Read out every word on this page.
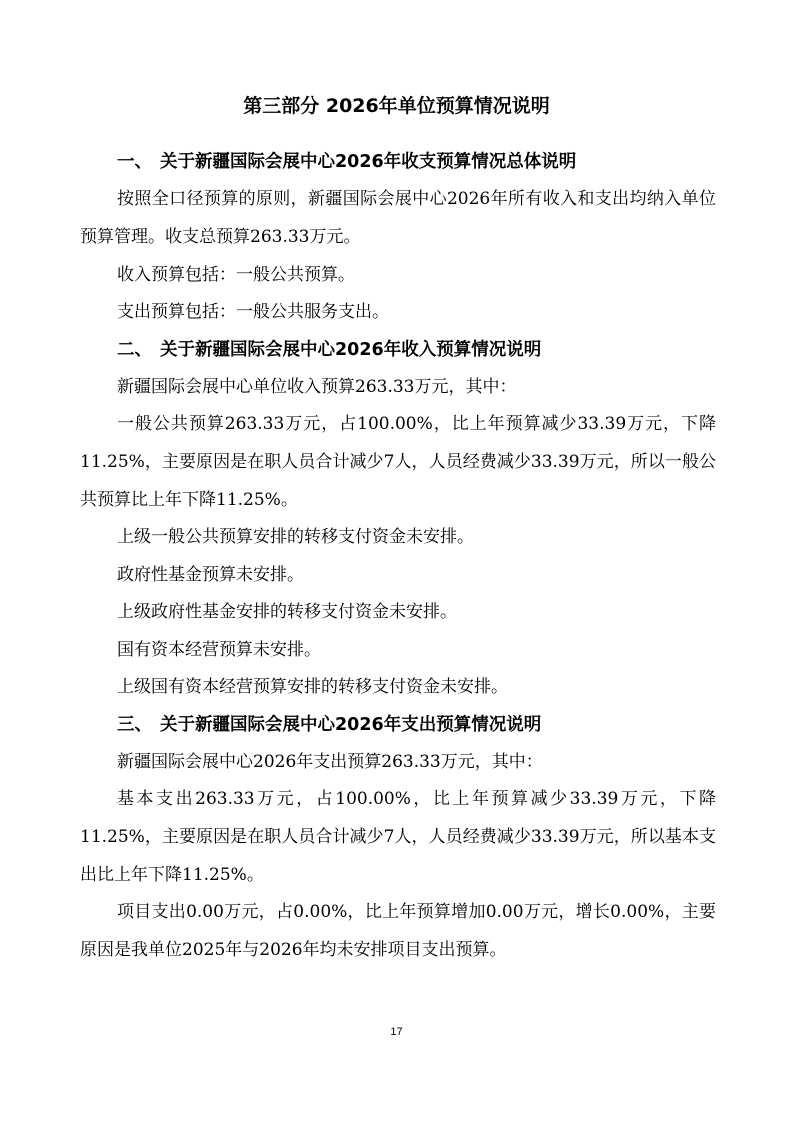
第三部分 2026年单位预算情况说明
一、 关于新疆国际会展中心2026年收支预算情况总体说明
按照全口径预算的原则，新疆国际会展中心2026年所有收入和支出均纳入单位预算管理。收支总预算263.33万元。
收入预算包括：一般公共预算。
支出预算包括：一般公共服务支出。
二、 关于新疆国际会展中心2026年收入预算情况说明
新疆国际会展中心单位收入预算263.33万元，其中：
一般公共预算263.33万元，占100.00%，比上年预算减少33.39万元，下降11.25%，主要原因是在职人员合计减少7人，人员经费减少33.39万元，所以一般公共预算比上年下降11.25%。
上级一般公共预算安排的转移支付资金未安排。
政府性基金预算未安排。
上级政府性基金安排的转移支付资金未安排。
国有资本经营预算未安排。
上级国有资本经营预算安排的转移支付资金未安排。
三、 关于新疆国际会展中心2026年支出预算情况说明
新疆国际会展中心2026年支出预算263.33万元，其中：
基本支出263.33万元，占100.00%，比上年预算减少33.39万元，下降11.25%，主要原因是在职人员合计减少7人，人员经费减少33.39万元，所以基本支出比上年下降11.25%。
项目支出0.00万元，占0.00%，比上年预算增加0.00万元，增长0.00%，主要原因是我单位2025年与2026年均未安排项目支出预算。
17
